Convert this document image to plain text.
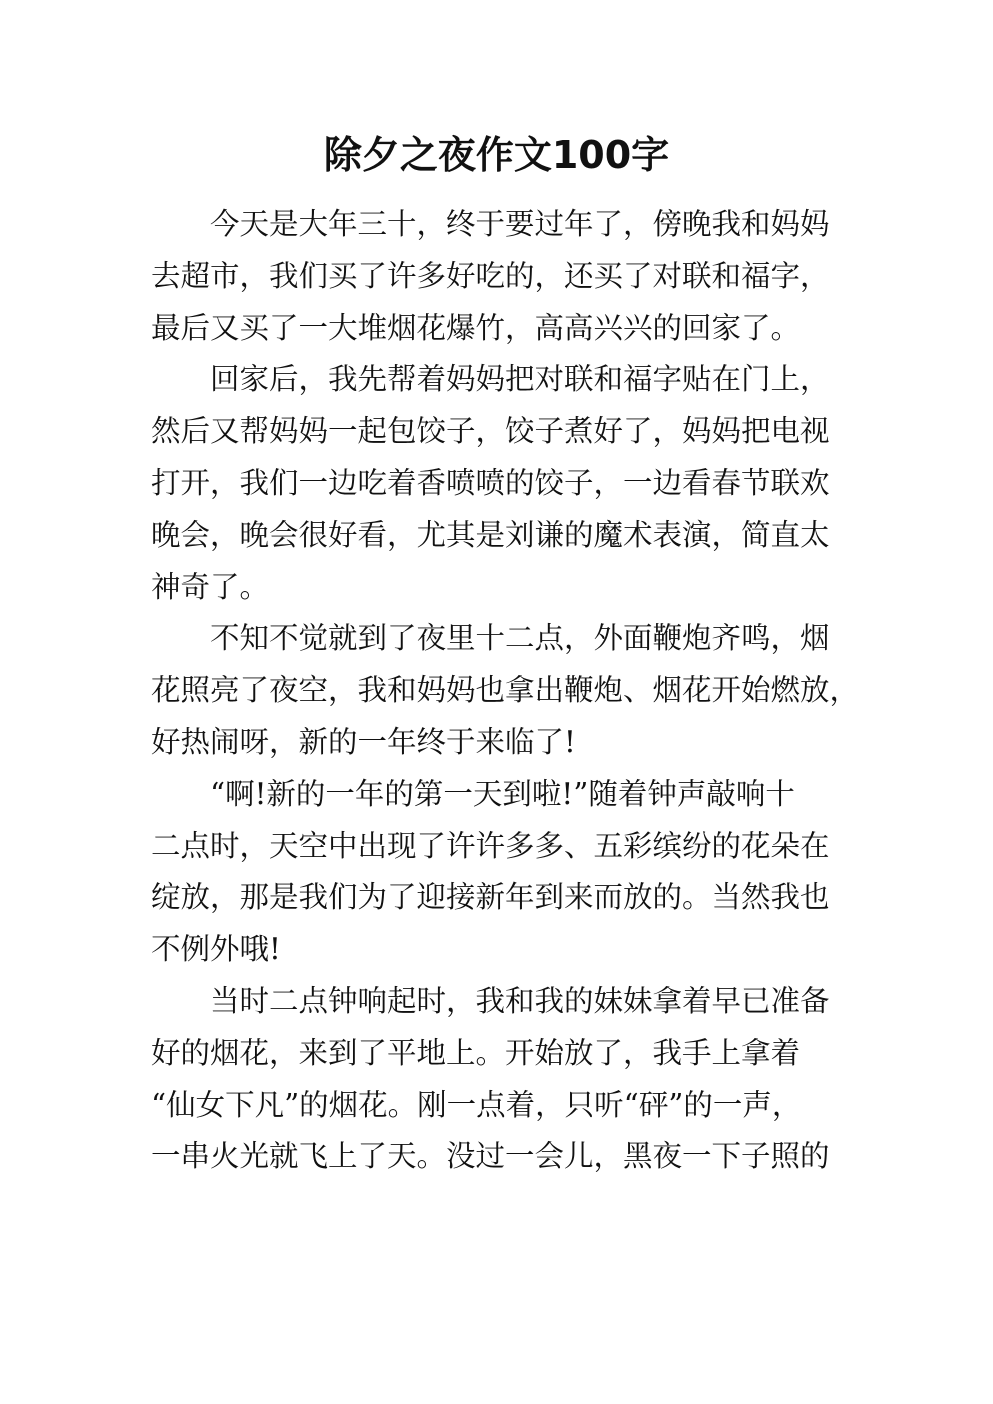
除夕之夜作文100字
　　今天是大年三十，终于要过年了，傍晚我和妈妈
去超市，我们买了许多好吃的，还买了对联和福字，
最后又买了一大堆烟花爆竹，高高兴兴的回家了。
　　回家后，我先帮着妈妈把对联和福字贴在门上，
然后又帮妈妈一起包饺子，饺子煮好了，妈妈把电视
打开，我们一边吃着香喷喷的饺子，一边看春节联欢
晚会，晚会很好看，尤其是刘谦的魔术表演，简直太
神奇了。
　　不知不觉就到了夜里十二点，外面鞭炮齐鸣，烟
花照亮了夜空，我和妈妈也拿出鞭炮、烟花开始燃放，
好热闹呀，新的一年终于来临了!
　　“啊!新的一年的第一天到啦!”随着钟声敲响十
二点时，天空中出现了许许多多、五彩缤纷的花朵在
绽放，那是我们为了迎接新年到来而放的。当然我也
不例外哦!
　　当时二点钟响起时，我和我的妹妹拿着早已准备
好的烟花，来到了平地上。开始放了，我手上拿着
“仙女下凡”的烟花。刚一点着，只听“砰”的一声，
一串火光就飞上了天。没过一会儿，黑夜一下子照的
